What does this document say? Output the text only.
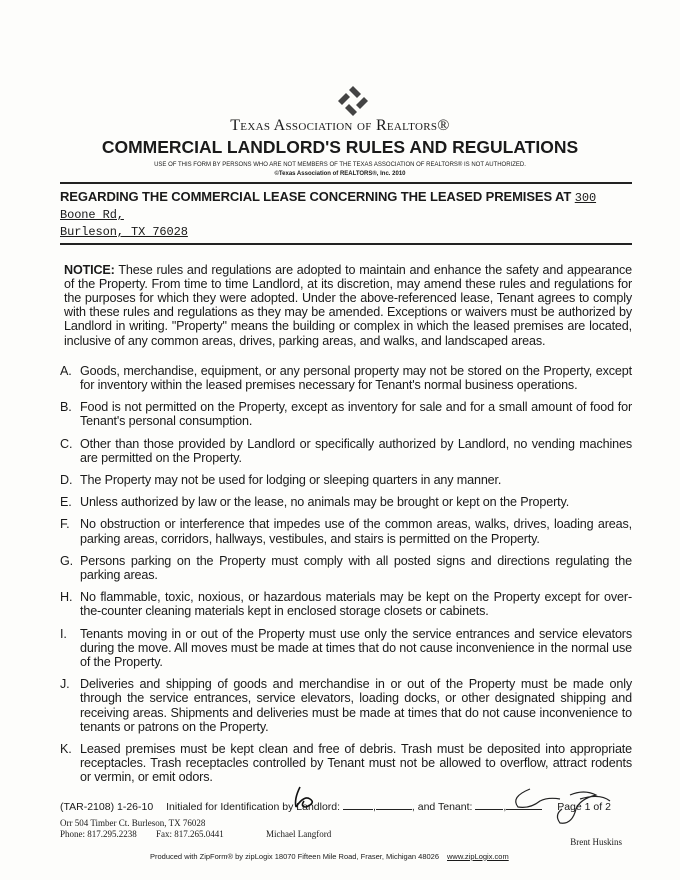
Texas Association of Realtors®
COMMERCIAL LANDLORD'S RULES AND REGULATIONS
USE OF THIS FORM BY PERSONS WHO ARE NOT MEMBERS OF THE TEXAS ASSOCIATION OF REALTORS® IS NOT AUTHORIZED.
©Texas Association of REALTORS®, Inc. 2010
REGARDING THE COMMERCIAL LEASE CONCERNING THE LEASED PREMISES AT 300 Boone Rd,
Burleson, TX 76028
NOTICE: These rules and regulations are adopted to maintain and enhance the safety and appearance of the Property. From time to time Landlord, at its discretion, may amend these rules and regulations for the purposes for which they were adopted. Under the above-referenced lease, Tenant agrees to comply with these rules and regulations as they may be amended. Exceptions or waivers must be authorized by Landlord in writing. "Property" means the building or complex in which the leased premises are located, inclusive of any common areas, drives, parking areas, and walks, and landscaped areas.
A. Goods, merchandise, equipment, or any personal property may not be stored on the Property, except for inventory within the leased premises necessary for Tenant's normal business operations.
B. Food is not permitted on the Property, except as inventory for sale and for a small amount of food for Tenant's personal consumption.
C. Other than those provided by Landlord or specifically authorized by Landlord, no vending machines are permitted on the Property.
D. The Property may not be used for lodging or sleeping quarters in any manner.
E. Unless authorized by law or the lease, no animals may be brought or kept on the Property.
F. No obstruction or interference that impedes use of the common areas, walks, drives, loading areas, parking areas, corridors, hallways, vestibules, and stairs is permitted on the Property.
G. Persons parking on the Property must comply with all posted signs and directions regulating the parking areas.
H. No flammable, toxic, noxious, or hazardous materials may be kept on the Property except for over-the-counter cleaning materials kept in enclosed storage closets or cabinets.
I.	Tenants moving in or out of the Property must use only the service entrances and service elevators during the move. All moves must be made at times that do not cause inconvenience in the normal use of the Property.
J. Deliveries and shipping of goods and merchandise in or out of the Property must be made only through the service entrances, service elevators, loading docks, or other designated shipping and receiving areas. Shipments and deliveries must be made at times that do not cause inconvenience to tenants or patrons on the Property.
K. Leased premises must be kept clean and free of debris. Trash must be deposited into appropriate receptacles. Trash receptacles controlled by Tenant must not be allowed to overflow, attract rodents or vermin, or emit odors.
(TAR-2108) 1-26-10 Initialed for Identification by Landlord:	,	, and Tenant:	,	Page 1 of 2
Orr 504 Timber Ct. Burleson, TX 76028
Phone: 817.295.2238	Fax: 817.265.0441	Michael Langford
Brent Huskins
Produced with ZipForm® by zipLogix 18070 Fifteen Mile Road, Fraser, Michigan 48026 www.zipLogix.com
